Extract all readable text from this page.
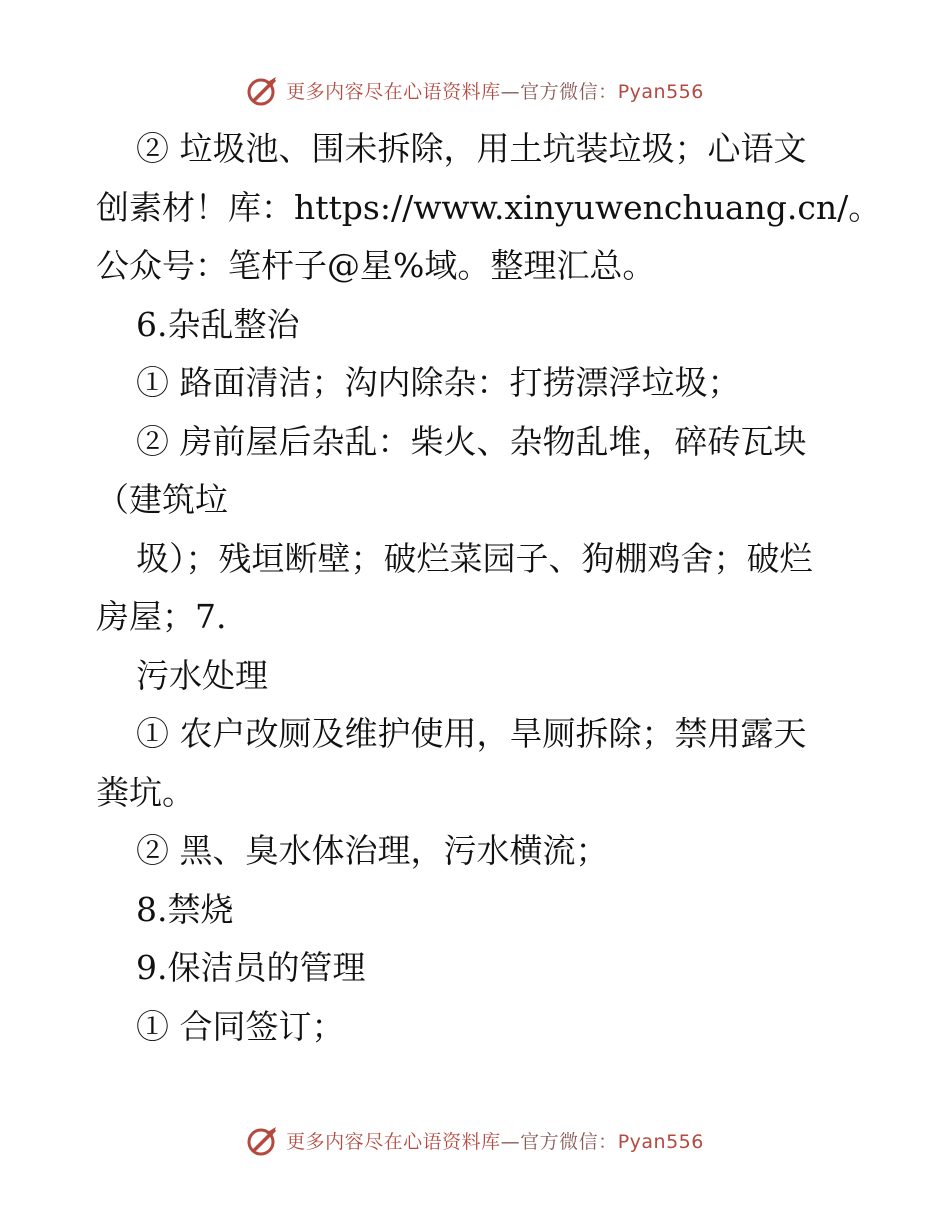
更多内容尽在心语资料库—官方微信：Pyan556
② 垃圾池、围未拆除，用土坑装垃圾；心语文
创素材！库：https://www.xinyuwenchuang.cn/。
公众号：笔杆子@星%域。整理汇总。
6.杂乱整治
① 路面清洁；沟内除杂：打捞漂浮垃圾；
② 房前屋后杂乱：柴火、杂物乱堆，碎砖瓦块
（建筑垃
圾）；残垣断壁；破烂菜园子、狗棚鸡舍；破烂
房屋；7.
污水处理
① 农户改厕及维护使用，旱厕拆除；禁用露天
粪坑。
② 黑、臭水体治理，污水横流；
8.禁烧
9.保洁员的管理
① 合同签订；
更多内容尽在心语资料库—官方微信：Pyan556
